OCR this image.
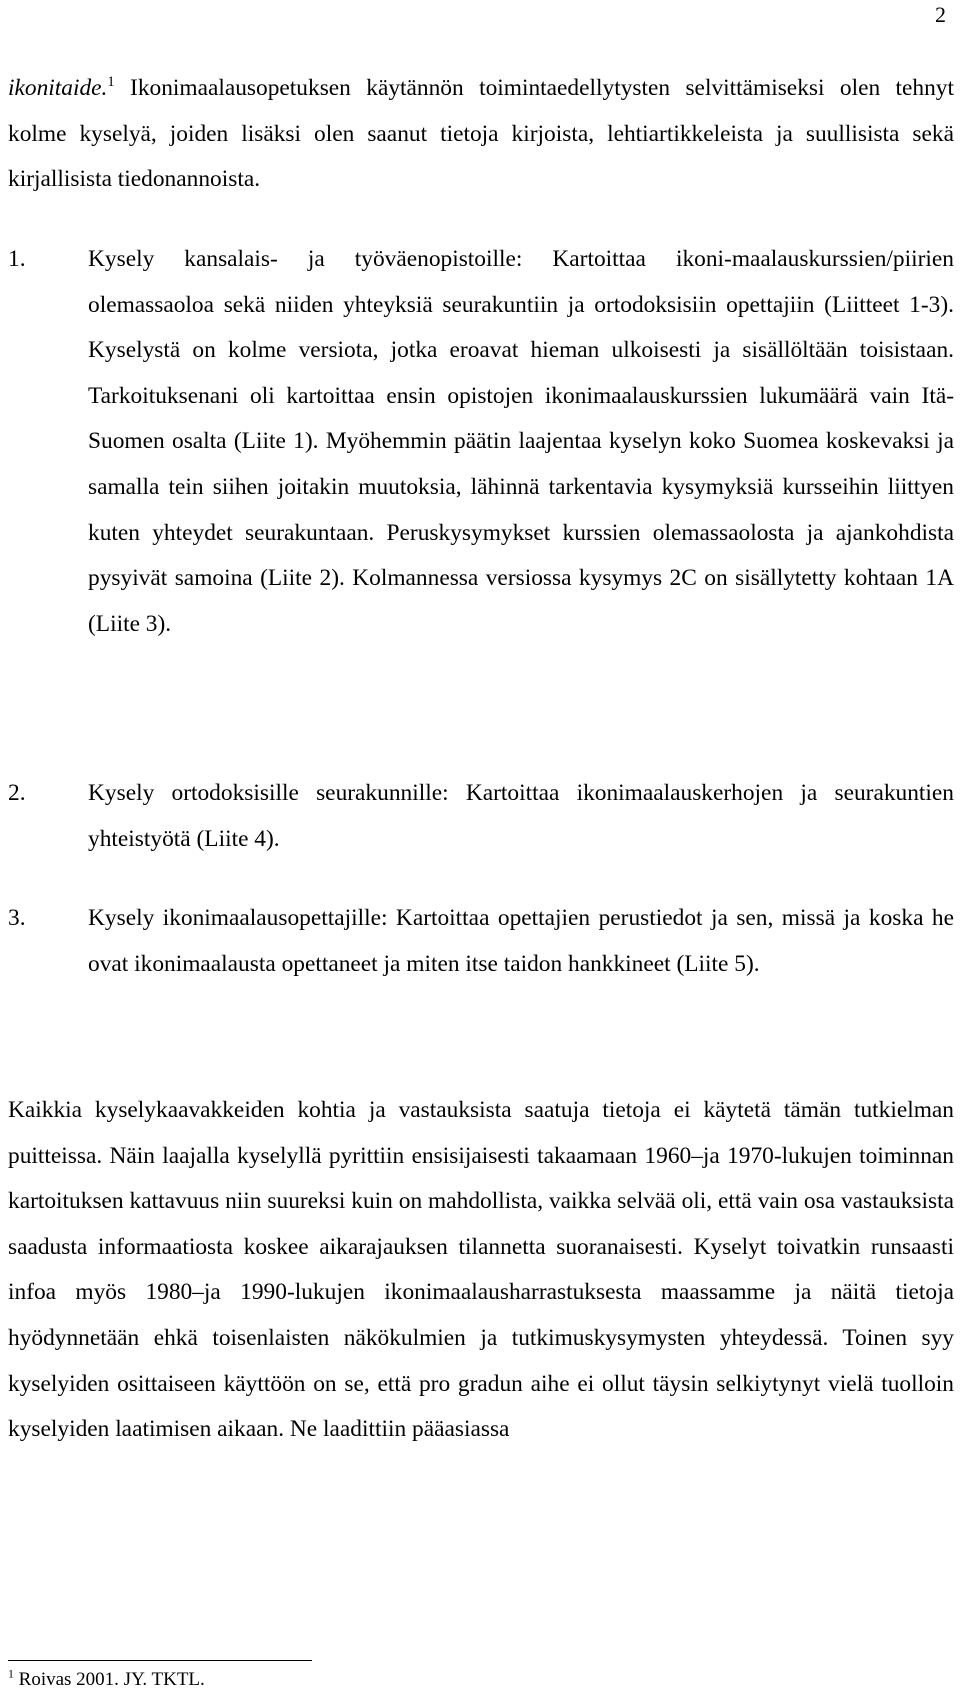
2

ikonitaide.$^1$ Ikonimaalausopetuksen käytännön toimintaedellytysten selvittämiseksi olen tehnyt kolme kyselyä, joiden lisäksi olen saanut tietoja kirjoista, lehtiartikkeleista ja suullisista sekä kirjallisista tiedonannoista.

1.	Kysely kansalais- ja työväenopistoille: Kartoittaa ikoni-maalauskurssien/piirien olemassaoloa sekä niiden yhteyksiä seurakuntiin ja ortodoksisiin opettajiin (Liitteet 1-3). Kyselystä on kolme versiota, jotka eroavat hieman ulkoisesti ja sisällöltään toisistaan. Tarkoituksenani oli kartoittaa ensin opistojen ikonimaalauskurssien lukumäärä vain Itä-Suomen osalta (Liite 1). Myöhemmin päätin laajentaa kyselyn koko Suomea koskevaksi ja samalla tein siihen joitakin muutoksia, lähinnä tarkentavia kysymyksiä kursseihin liittyen kuten yhteydet seurakuntaan. Peruskysymykset kurssien olemassaolosta ja ajankohdista pysyivät samoina (Liite 2). Kolmannessa versiossa kysymys 2C on sisällytetty kohtaan 1A (Liite 3).
2.	Kysely ortodoksisille seurakunnille: Kartoittaa ikonimaalauskerhojen ja seurakuntien yhteistyötä (Liite 4).
3.	Kysely ikonimaalausopettajille: Kartoittaa opettajien perustiedot ja sen, missä ja koska he ovat ikonimaalausta opettaneet ja miten itse taidon hankkineet (Liite 5).

Kaikkia kyselykaavakkeiden kohtia ja vastauksista saatuja tietoja ei käytetä tämän tutkielman puitteissa. Näin laajalla kyselyllä pyrittiin ensisijaisesti takaamaan 1960–ja 1970-lukujen toiminnan kartoituksen kattavuus niin suureksi kuin on mahdollista, vaikka selvää oli, että vain osa vastauksista saadusta informaatiosta koskee aikarajauksen tilannetta suoranaisesti. Kyselyt toivatkin runsaasti infoa myös 1980–ja 1990-lukujen ikonimaalausharrastuksesta maassamme ja näitä tietoja hyödynnetään ehkä toisenlaisten näkökulmien ja tutkimuskysymysten yhteydessä. Toinen syy kyselyiden osittaiseen käyttöön on se, että pro gradun aihe ei ollut täysin selkiytynyt vielä tuolloin kyselyiden laatimisen aikaan. Ne laadittiin pääasiassa

$^1$ Roivas 2001. JY. TKTL.
